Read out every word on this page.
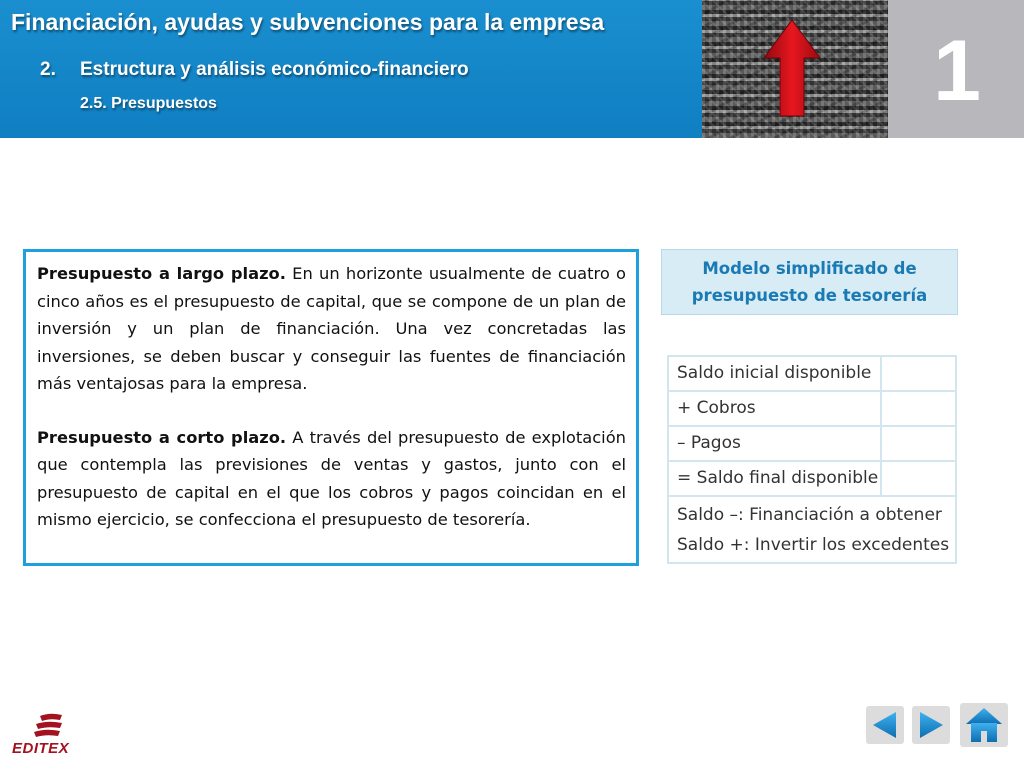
Financiación, ayudas y subvenciones para la empresa
2. Estructura y análisis económico-financiero
2.5. Presupuestos	1

Presupuesto a largo plazo. En un horizonte usualmente de cuatro o cinco años es el presupuesto de capital, que se compone de un plan de inversión y un plan de financiación. Una vez concretadas las inversiones, se deben buscar y conseguir las fuentes de financiación más ventajosas para la empresa.

Presupuesto a corto plazo. A través del presupuesto de explotación que contempla las previsiones de ventas y gastos, junto con el presupuesto de capital en el que los cobros y pagos coincidan en el mismo ejercicio, se confecciona el presupuesto de tesorería.

Modelo simplificado de presupuesto de tesorería
Saldo inicial disponible
+ Cobros
– Pagos
= Saldo final disponible
Saldo –: Financiación a obtener
Saldo +: Invertir los excedentes
EDITEX
